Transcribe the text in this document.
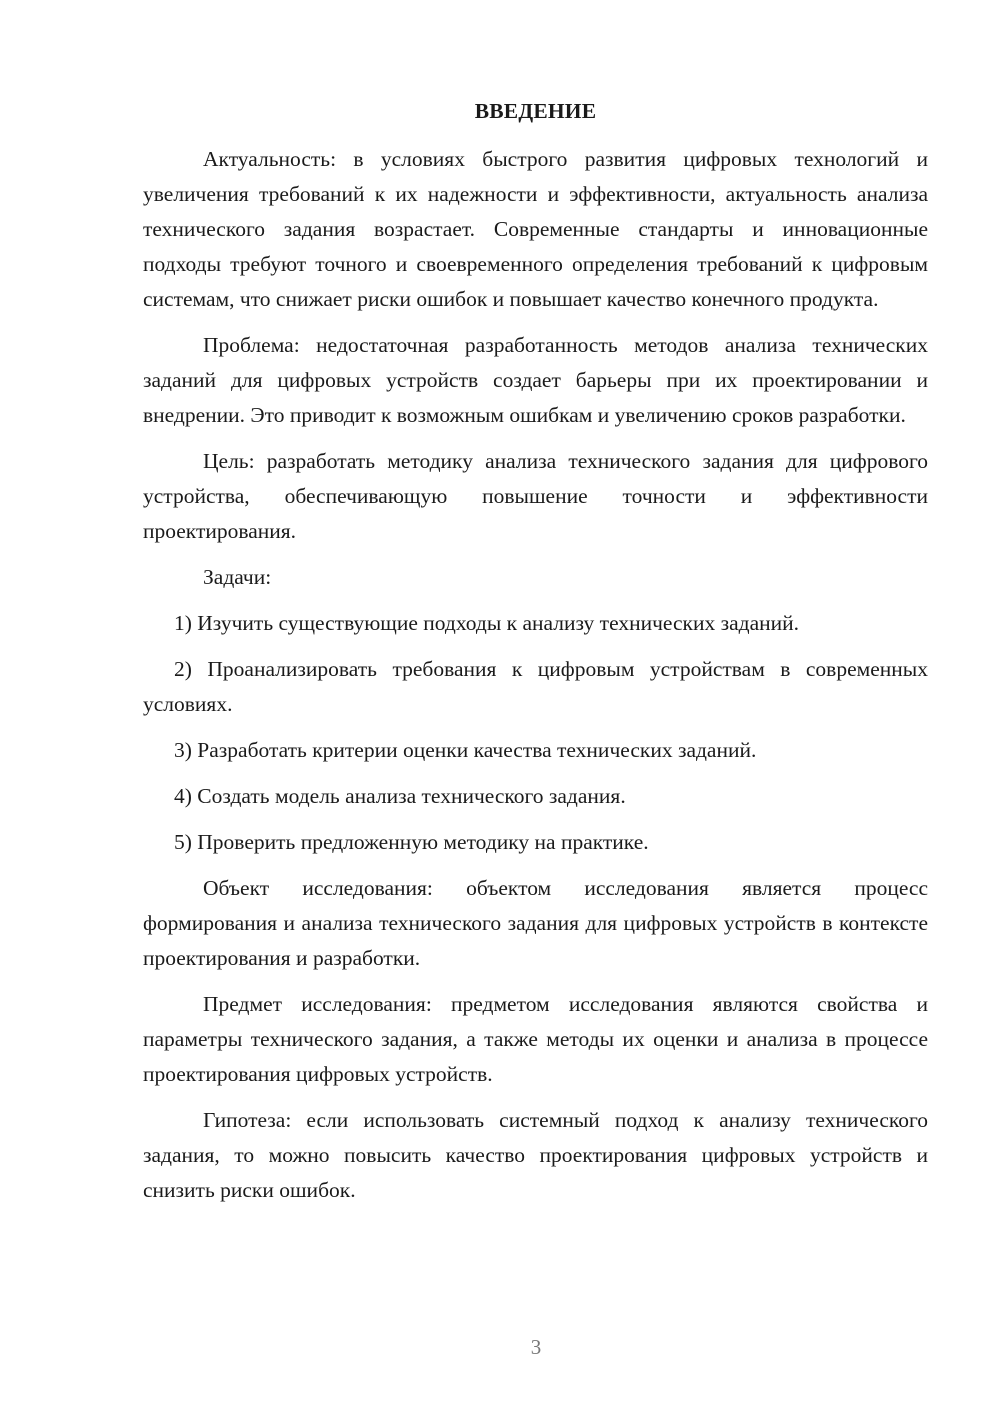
ВВЕДЕНИЕ

Актуальность: в условиях быстрого развития цифровых технологий и увеличения требований к их надежности и эффективности, актуальность анализа технического задания возрастает. Современные стандарты и инновационные подходы требуют точного и своевременного определения требований к цифровым системам, что снижает риски ошибок и повышает качество конечного продукта.

Проблема: недостаточная разработанность методов анализа технических заданий для цифровых устройств создает барьеры при их проектировании и внедрении. Это приводит к возможным ошибкам и увеличению сроков разработки.

Цель: разработать методику анализа технического задания для цифрового устройства, обеспечивающую повышение точности и эффективности проектирования.

Задачи:

1) Изучить существующие подходы к анализу технических заданий.

2) Проанализировать требования к цифровым устройствам в современных условиях.

3) Разработать критерии оценки качества технических заданий.

4) Создать модель анализа технического задания.

5) Проверить предложенную методику на практике.

Объект исследования: объектом исследования является процесс формирования и анализа технического задания для цифровых устройств в контексте проектирования и разработки.

Предмет исследования: предметом исследования являются свойства и параметры технического задания, а также методы их оценки и анализа в процессе проектирования цифровых устройств.

Гипотеза: если использовать системный подход к анализу технического задания, то можно повысить качество проектирования цифровых устройств и снизить риски ошибок.

3
